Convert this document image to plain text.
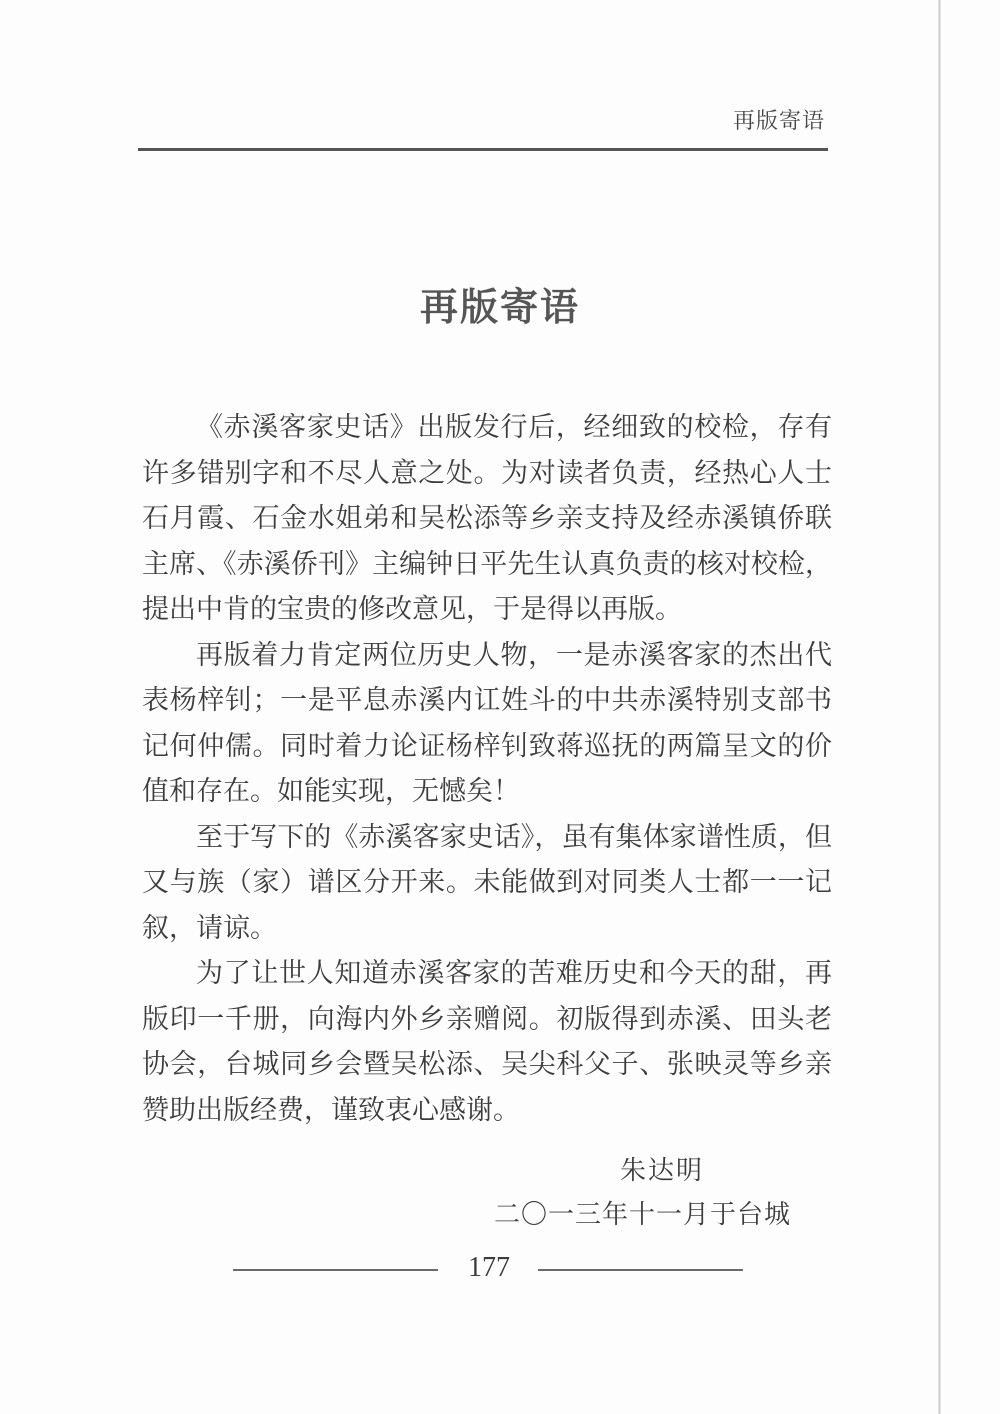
再版寄语
再版寄语

《赤溪客家史话》出版发行后，经细致的校检，存有许多错别字和不尽人意之处。为对读者负责，经热心人士石月霞、石金水姐弟和吴松添等乡亲支持及经赤溪镇侨联主席、《赤溪侨刊》主编钟日平先生认真负责的核对校检，提出中肯的宝贵的修改意见，于是得以再版。

再版着力肯定两位历史人物，一是赤溪客家的杰出代表杨梓钊；一是平息赤溪内讧姓斗的中共赤溪特别支部书记何仲儒。同时着力论证杨梓钊致蒋巡抚的两篇呈文的价值和存在。如能实现，无憾矣！

至于写下的《赤溪客家史话》，虽有集体家谱性质，但又与族（家）谱区分开来。未能做到对同类人士都一一记叙，请谅。

为了让世人知道赤溪客家的苦难历史和今天的甜，再版印一千册，向海内外乡亲赠阅。初版得到赤溪、田头老协会，台城同乡会暨吴松添、吴尖科父子、张映灵等乡亲赞助出版经费，谨致衷心感谢。

朱达明
二〇一三年十一月于台城
177
